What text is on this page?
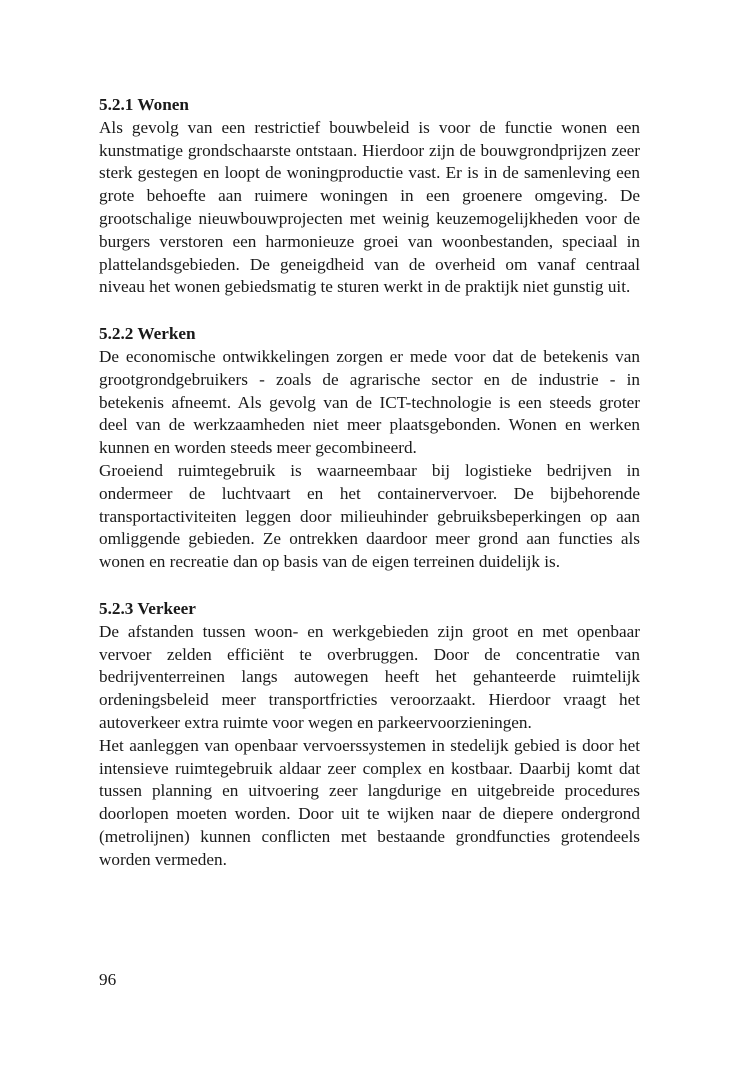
5.2.1 Wonen

Als gevolg van een restrictief bouwbeleid is voor de functie wonen een kunstmatige grondschaarste ontstaan. Hierdoor zijn de bouwgrondprijzen zeer sterk gestegen en loopt de woningproductie vast. Er is in de samenleving een grote behoefte aan ruimere woningen in een groenere omgeving. De grootschalige nieuwbouwprojecten met weinig keuzemogelijkheden voor de burgers verstoren een harmonieuze groei van woonbestanden, speciaal in plattelandsgebieden. De geneigdheid van de overheid om vanaf centraal niveau het wonen gebiedsmatig te sturen werkt in de praktijk niet gunstig uit.

5.2.2 Werken

De economische ontwikkelingen zorgen er mede voor dat de betekenis van grootgrondgebruikers - zoals de agrarische sector en de industrie - in betekenis afneemt. Als gevolg van de ICT-technologie is een steeds groter deel van de werkzaamheden niet meer plaatsgebonden. Wonen en werken kunnen en worden steeds meer gecombineerd.

Groeiend ruimtegebruik is waarneembaar bij logistieke bedrijven in ondermeer de luchtvaart en het containervervoer. De bijbehorende transportactiviteiten leggen door milieuhinder gebruiksbeperkingen op aan omliggende gebieden. Ze ontrekken daardoor meer grond aan functies als wonen en recreatie dan op basis van de eigen terreinen duidelijk is.

5.2.3 Verkeer

De afstanden tussen woon- en werkgebieden zijn groot en met openbaar vervoer zelden efficiënt te overbruggen. Door de concentratie van bedrijventerreinen langs autowegen heeft het gehanteerde ruimtelijk ordeningsbeleid meer transportfricties veroorzaakt. Hierdoor vraagt het autoverkeer extra ruimte voor wegen en parkeervoorzieningen.

Het aanleggen van openbaar vervoerssystemen in stedelijk gebied is door het intensieve ruimtegebruik aldaar zeer complex en kostbaar. Daarbij komt dat tussen planning en uitvoering zeer langdurige en uitgebreide procedures doorlopen moeten worden. Door uit te wijken naar de diepere ondergrond (metrolijnen) kunnen conflicten met bestaande grondfuncties grotendeels worden vermeden.

96
